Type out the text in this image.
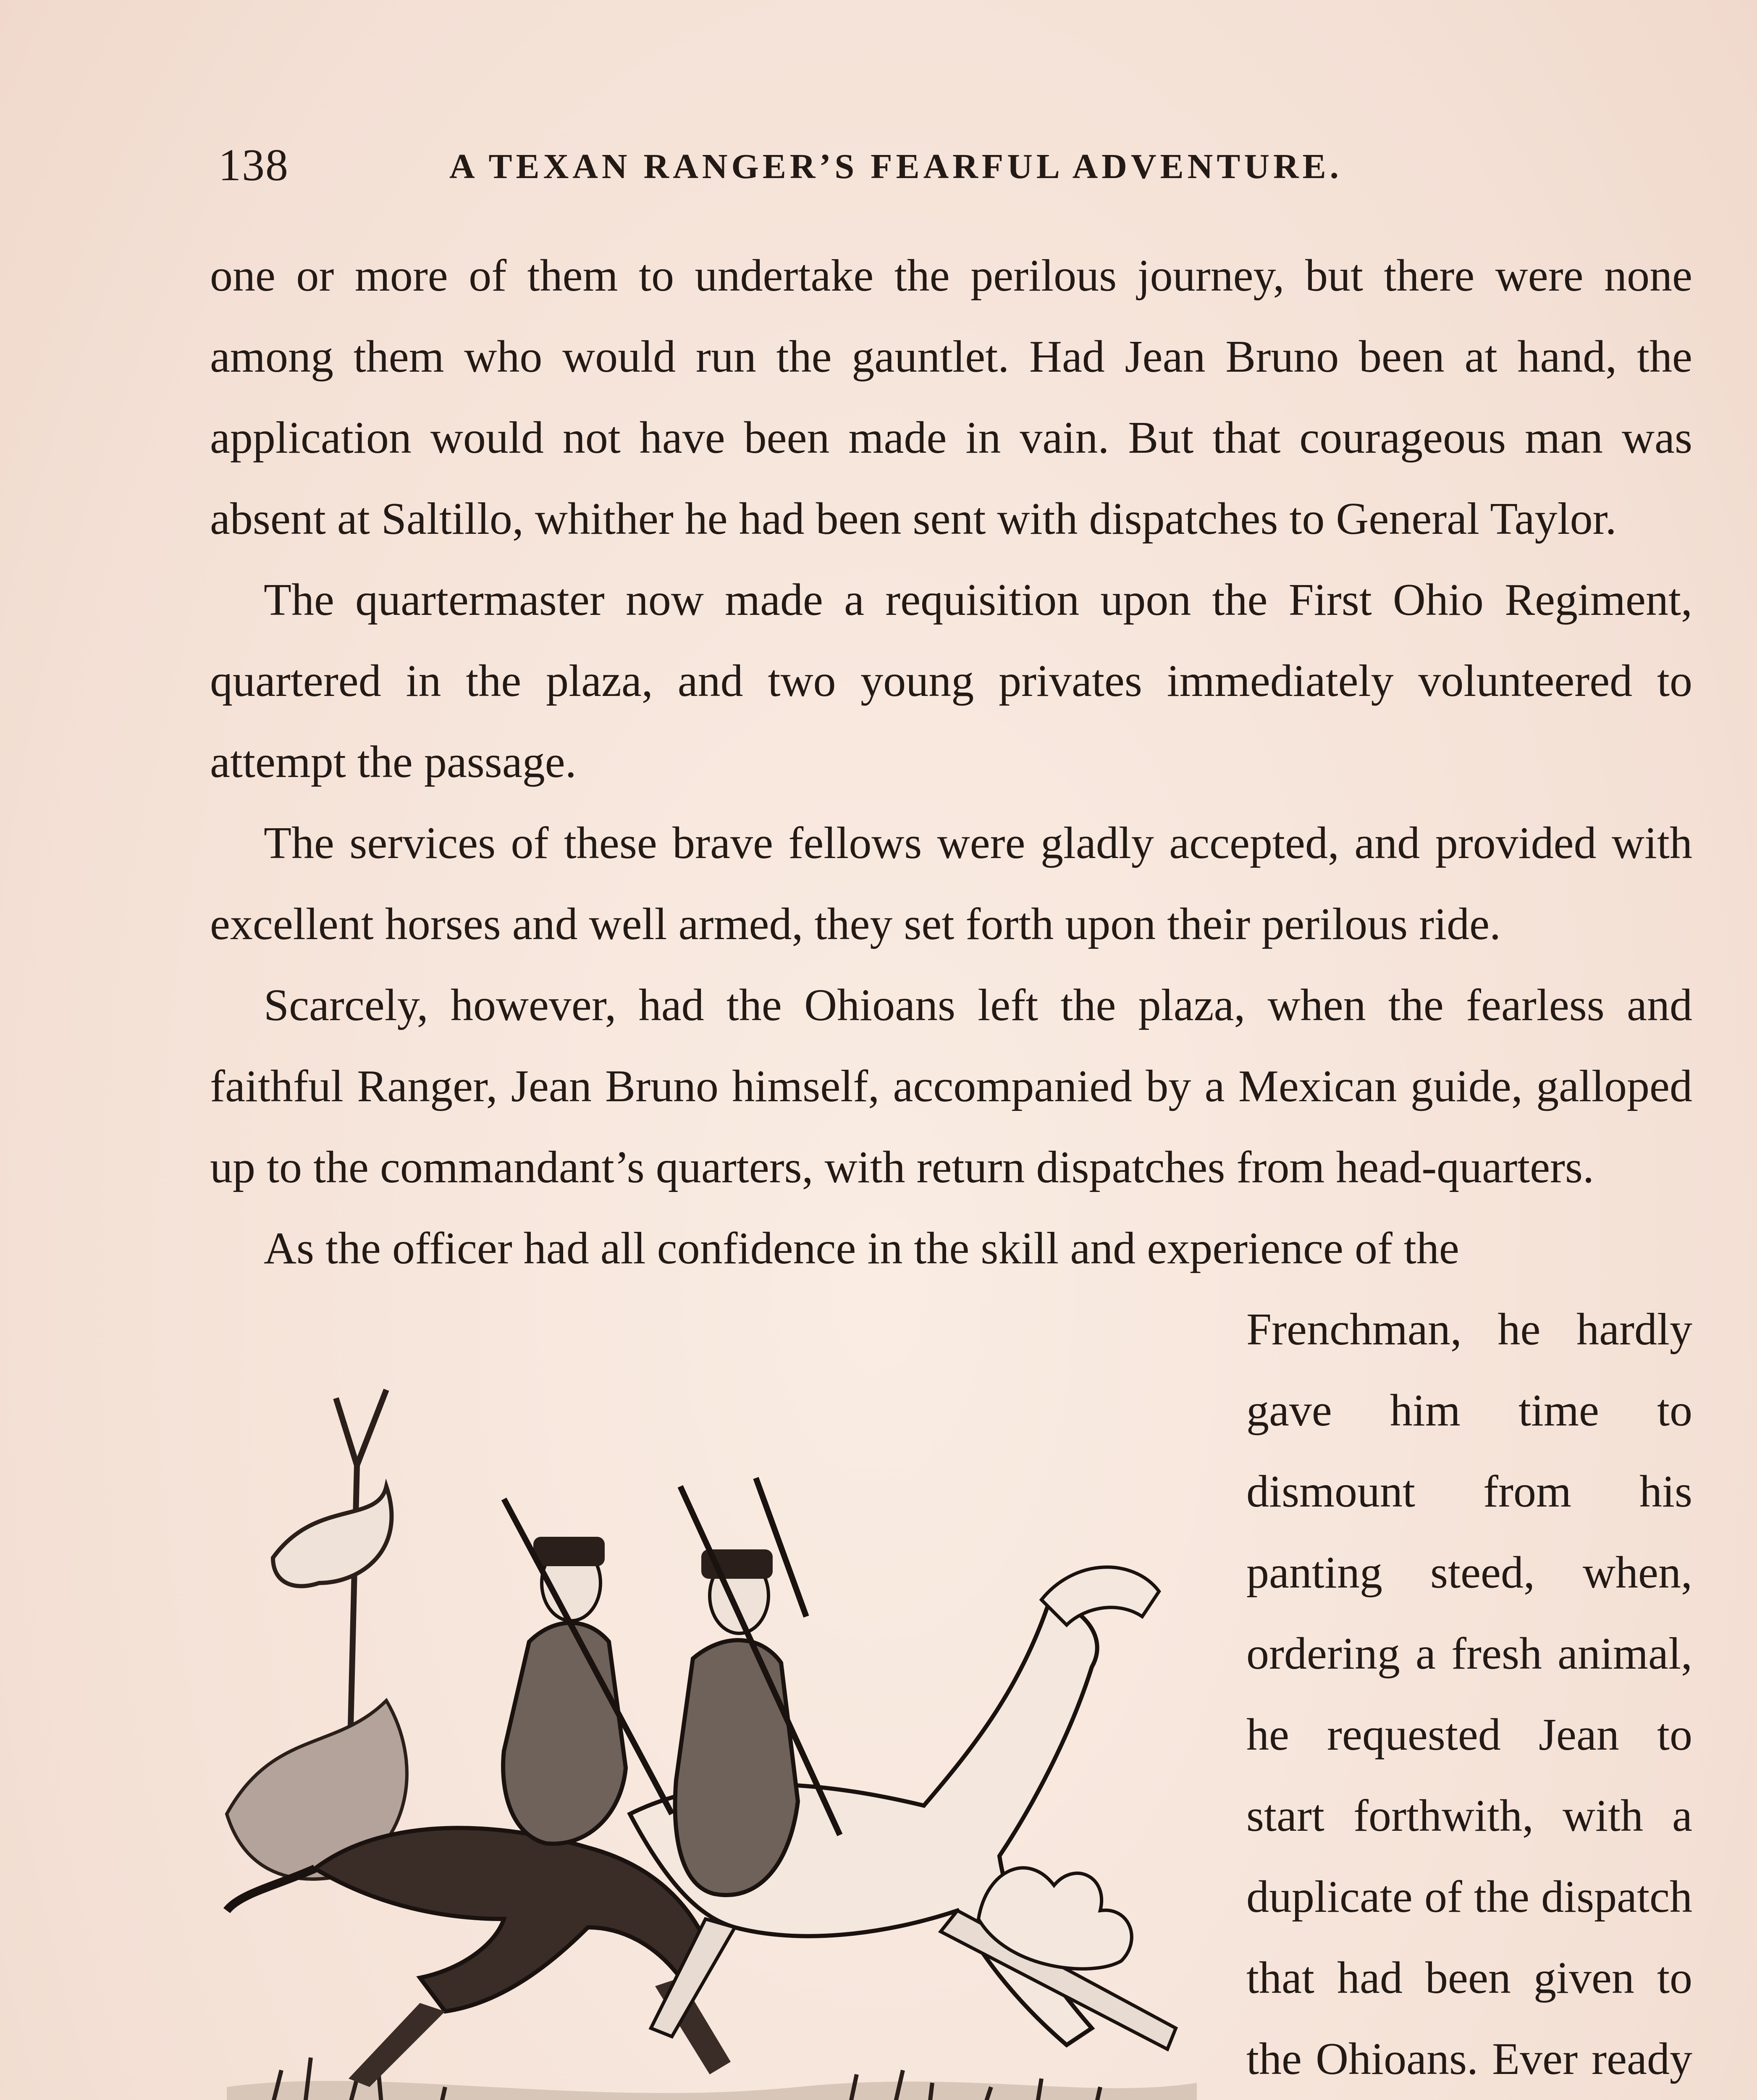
138	A TEXAN RANGER’S FEARFUL ADVENTURE.

one or more of them to undertake the perilous journey, but there were none among them who would run the gauntlet. Had Jean Bruno been at hand, the application would not have been made in vain. But that courageous man was absent at Saltillo, whither he had been sent with dispatches to General Taylor.

The quartermaster now made a requisition upon the First Ohio Regiment, quartered in the plaza, and two young privates immediately volunteered to attempt the passage.

The services of these brave fellows were gladly accepted, and provided with excellent horses and well armed, they set forth upon their perilous ride.

Scarcely, however, had the Ohioans left the plaza, when the fearless and faithful Ranger, Jean Bruno himself, accompanied by a Mexican guide, galloped up to the commandant’s quarters, with return dispatches from head-quarters.

As the officer had all confidence in the skill and experience of the

Frenchman, he hardly gave him time to dismount from his panting steed, when, ordering a fresh animal, he requested Jean to start forthwith, with a duplicate of the dispatch that had been given to the Ohioans. Ever ready
